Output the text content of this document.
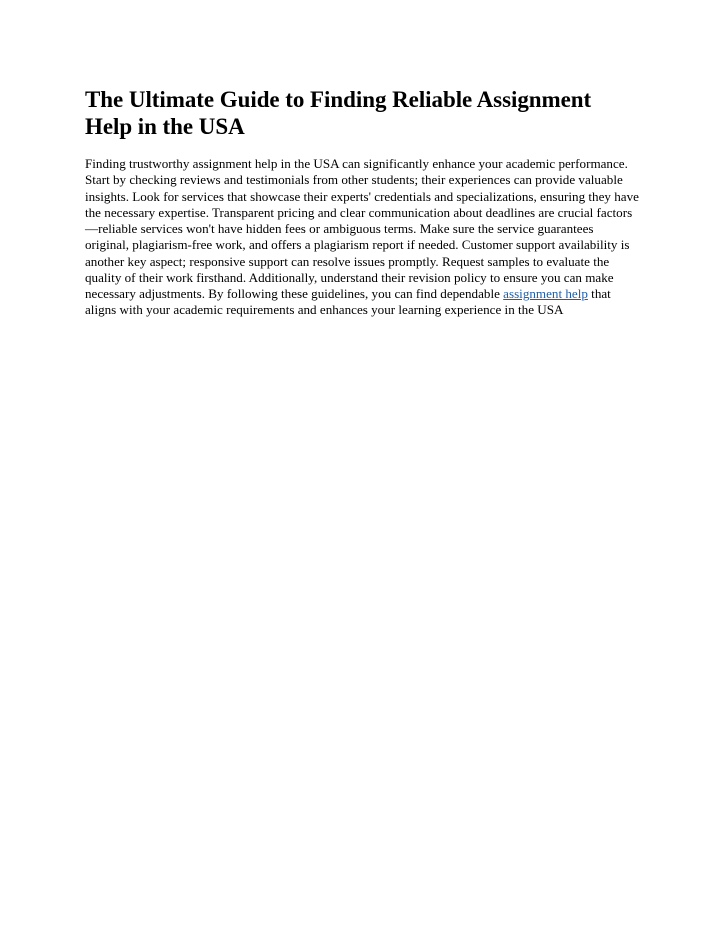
The Ultimate Guide to Finding Reliable Assignment Help in the USA

Finding trustworthy assignment help in the USA can significantly enhance your academic performance. Start by checking reviews and testimonials from other students; their experiences can provide valuable insights. Look for services that showcase their experts' credentials and specializations, ensuring they have the necessary expertise. Transparent pricing and clear communication about deadlines are crucial factors—reliable services won't have hidden fees or ambiguous terms. Make sure the service guarantees original, plagiarism-free work, and offers a plagiarism report if needed. Customer support availability is another key aspect; responsive support can resolve issues promptly. Request samples to evaluate the quality of their work firsthand. Additionally, understand their revision policy to ensure you can make necessary adjustments. By following these guidelines, you can find dependable assignment help that aligns with your academic requirements and enhances your learning experience in the USA
